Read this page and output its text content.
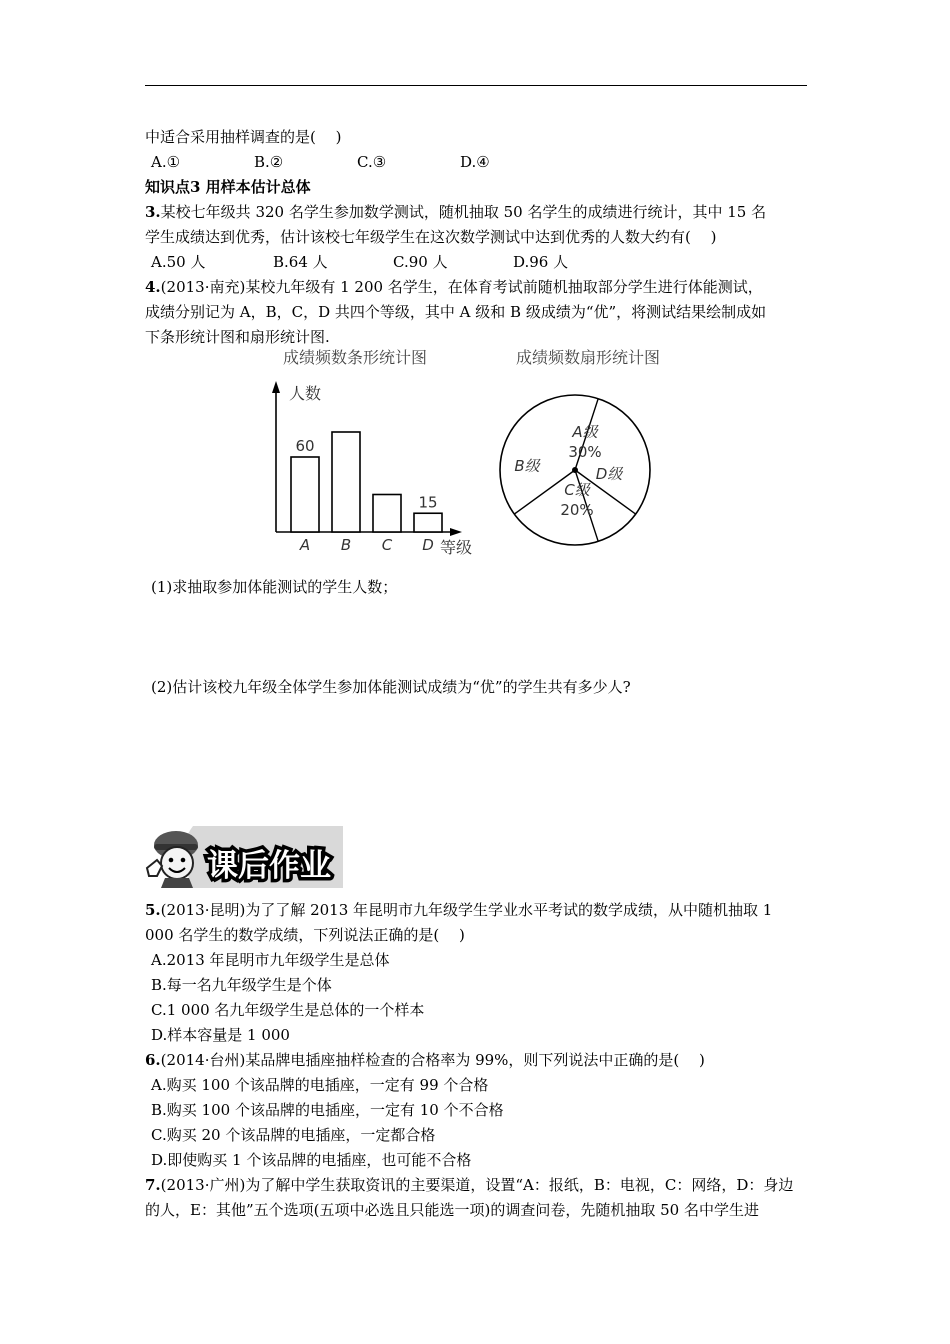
中适合采用抽样调查的是(　 )
A.①	B.②	C.③	D.④
知识点3 用样本估计总体
3.某校七年级共 320 名学生参加数学测试，随机抽取 50 名学生的成绩进行统计，其中 15 名
学生成绩达到优秀，估计该校七年级学生在这次数学测试中达到优秀的人数大约有(　 )
A.50 人	B.64 人	C.90 人	D.96 人
4.(2013·南充)某校九年级有 1 200 名学生，在体育考试前随机抽取部分学生进行体能测试，
成绩分别记为 A，B，C，D 共四个等级，其中 A 级和 B 级成绩为“优”，将测试结果绘制成如
下条形统计图和扇形统计图.
成绩频数条形统计图	成绩频数扇形统计图
人数
等级
A
60
B C D
15
A级
30%
D级
C级
20%
B级
(1)求抽取参加体能测试的学生人数；
(2)估计该校九年级全体学生参加体能测试成绩为“优”的学生共有多少人?
课后作业
5.(2013·昆明)为了了解 2013 年昆明市九年级学生学业水平考试的数学成绩，从中随机抽取 1
000 名学生的数学成绩，下列说法正确的是(　 )
A.2013 年昆明市九年级学生是总体
B.每一名九年级学生是个体
C.1 000 名九年级学生是总体的一个样本
D.样本容量是 1 000
6.(2014·台州)某品牌电插座抽样检查的合格率为 99%，则下列说法中正确的是(　 )
A.购买 100 个该品牌的电插座，一定有 99 个合格
B.购买 100 个该品牌的电插座，一定有 10 个不合格
C.购买 20 个该品牌的电插座，一定都合格
D.即使购买 1 个该品牌的电插座，也可能不合格
7.(2013·广州)为了解中学生获取资讯的主要渠道，设置“A：报纸，B：电视，C：网络，D：身边
的人，E：其他”五个选项(五项中必选且只能选一项)的调查问卷，先随机抽取 50 名中学生进
